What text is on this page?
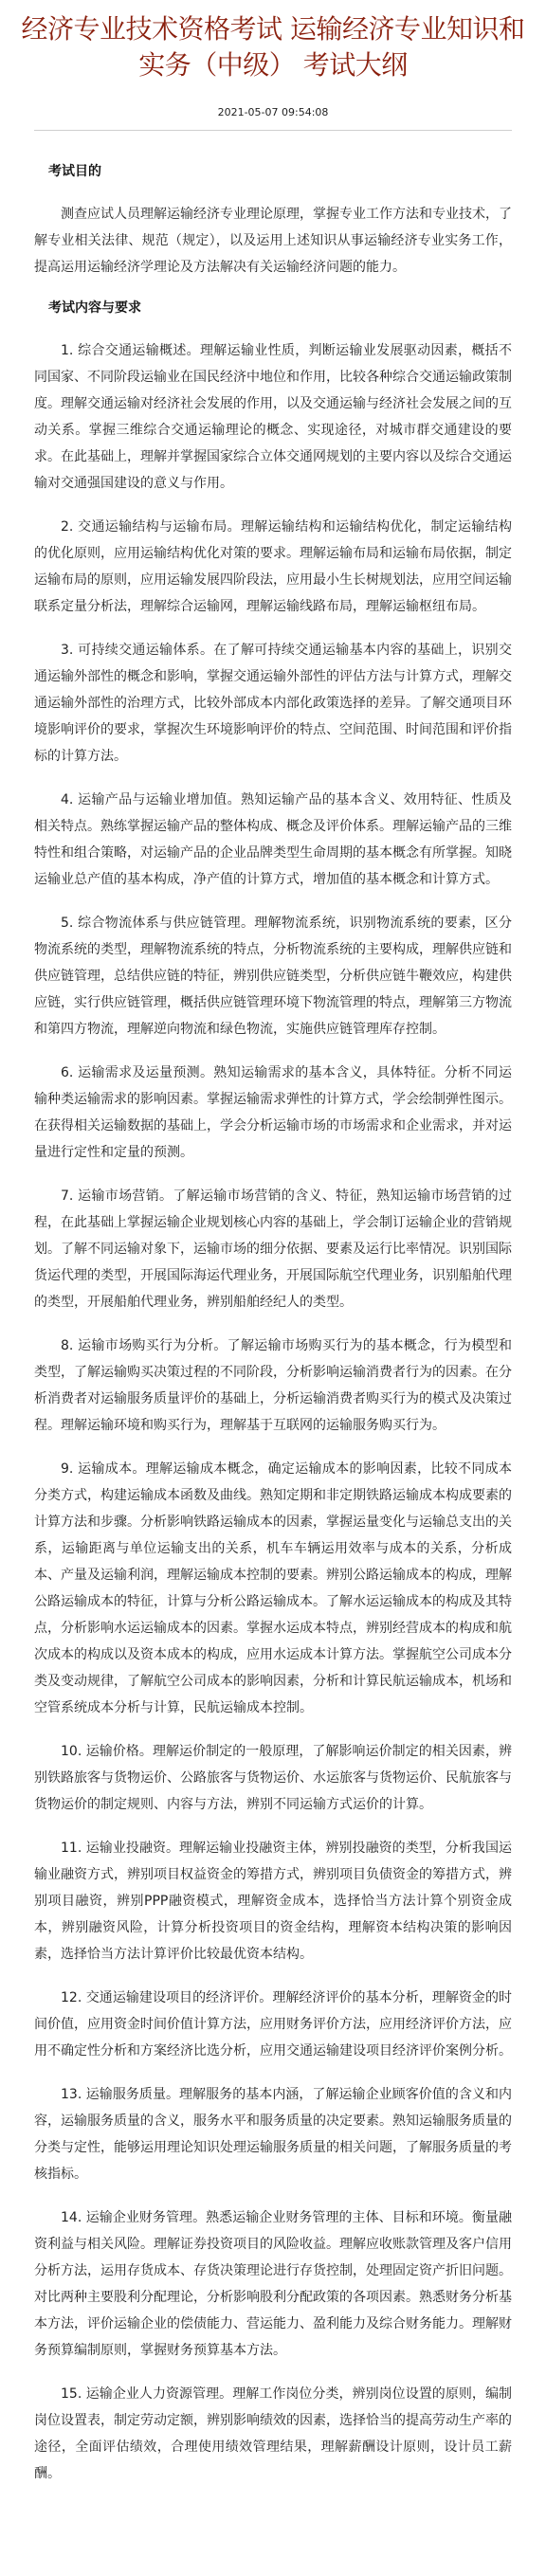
经济专业技术资格考试 运输经济专业知识和实务（中级） 考试大纲
2021-05-07 09:54:08
考试目的

测查应试人员理解运输经济专业理论原理，掌握专业工作方法和专业技术，了解专业相关法律、规范（规定），以及运用上述知识从事运输经济专业实务工作，提高运用运输经济学理论及方法解决有关运输经济问题的能力。

考试内容与要求

1. 综合交通运输概述。理解运输业性质，判断运输业发展驱动因素，概括不同国家、不同阶段运输业在国民经济中地位和作用，比较各种综合交通运输政策制度。理解交通运输对经济社会发展的作用，以及交通运输与经济社会发展之间的互动关系。掌握三维综合交通运输理论的概念、实现途径，对城市群交通建设的要求。在此基础上，理解并掌握国家综合立体交通网规划的主要内容以及综合交通运输对交通强国建设的意义与作用。

2. 交通运输结构与运输布局。理解运输结构和运输结构优化，制定运输结构的优化原则，应用运输结构优化对策的要求。理解运输布局和运输布局依据，制定运输布局的原则，应用运输发展四阶段法，应用最小生长树规划法，应用空间运输联系定量分析法，理解综合运输网，理解运输线路布局，理解运输枢纽布局。

3. 可持续交通运输体系。在了解可持续交通运输基本内容的基础上，识别交通运输外部性的概念和影响，掌握交通运输外部性的评估方法与计算方式，理解交通运输外部性的治理方式，比较外部成本内部化政策选择的差异。了解交通项目环境影响评价的要求，掌握次生环境影响评价的特点、空间范围、时间范围和评价指标的计算方法。

4. 运输产品与运输业增加值。熟知运输产品的基本含义、效用特征、性质及相关特点。熟练掌握运输产品的整体构成、概念及评价体系。理解运输产品的三维特性和组合策略，对运输产品的企业品牌类型生命周期的基本概念有所掌握。知晓运输业总产值的基本构成，净产值的计算方式，增加值的基本概念和计算方式。

5. 综合物流体系与供应链管理。理解物流系统，识别物流系统的要素，区分物流系统的类型，理解物流系统的特点，分析物流系统的主要构成，理解供应链和供应链管理，总结供应链的特征，辨别供应链类型，分析供应链牛鞭效应，构建供应链，实行供应链管理，概括供应链管理环境下物流管理的特点，理解第三方物流和第四方物流，理解逆向物流和绿色物流，实施供应链管理库存控制。

6. 运输需求及运量预测。熟知运输需求的基本含义，具体特征。分析不同运输种类运输需求的影响因素。掌握运输需求弹性的计算方式，学会绘制弹性图示。在获得相关运输数据的基础上，学会分析运输市场的市场需求和企业需求，并对运量进行定性和定量的预测。

7. 运输市场营销。了解运输市场营销的含义、特征，熟知运输市场营销的过程，在此基础上掌握运输企业规划核心内容的基础上，学会制订运输企业的营销规划。了解不同运输对象下，运输市场的细分依据、要素及运行比率情况。识别国际货运代理的类型，开展国际海运代理业务，开展国际航空代理业务，识别船舶代理的类型，开展船舶代理业务，辨别船舶经纪人的类型。

8. 运输市场购买行为分析。了解运输市场购买行为的基本概念，行为模型和类型，了解运输购买决策过程的不同阶段，分析影响运输消费者行为的因素。在分析消费者对运输服务质量评价的基础上，分析运输消费者购买行为的模式及决策过程。理解运输环境和购买行为，理解基于互联网的运输服务购买行为。

9. 运输成本。理解运输成本概念，确定运输成本的影响因素，比较不同成本分类方式，构建运输成本函数及曲线。熟知定期和非定期铁路运输成本构成要素的计算方法和步骤。分析影响铁路运输成本的因素，掌握运量变化与运输总支出的关系，运输距离与单位运输支出的关系，机车车辆运用效率与成本的关系，分析成本、产量及运输利润，理解运输成本控制的要素。辨别公路运输成本的构成，理解公路运输成本的特征，计算与分析公路运输成本。了解水运运输成本的构成及其特点，分析影响水运运输成本的因素。掌握水运成本特点，辨别经营成本的构成和航次成本的构成以及资本成本的构成，应用水运成本计算方法。掌握航空公司成本分类及变动规律，了解航空公司成本的影响因素，分析和计算民航运输成本，机场和空管系统成本分析与计算，民航运输成本控制。

10. 运输价格。理解运价制定的一般原理，了解影响运价制定的相关因素，辨别铁路旅客与货物运价、公路旅客与货物运价、水运旅客与货物运价、民航旅客与货物运价的制定规则、内容与方法，辨别不同运输方式运价的计算。

11. 运输业投融资。理解运输业投融资主体，辨别投融资的类型，分析我国运输业融资方式，辨别项目权益资金的筹措方式，辨别项目负债资金的筹措方式，辨别项目融资，辨别PPP融资模式，理解资金成本，选择恰当方法计算个别资金成本，辨别融资风险，计算分析投资项目的资金结构，理解资本结构决策的影响因素，选择恰当方法计算评价比较最优资本结构。

12. 交通运输建设项目的经济评价。理解经济评价的基本分析，理解资金的时间价值，应用资金时间价值计算方法，应用财务评价方法，应用经济评价方法，应用不确定性分析和方案经济比选分析，应用交通运输建设项目经济评价案例分析。

13. 运输服务质量。理解服务的基本内涵，了解运输企业顾客价值的含义和内容，运输服务质量的含义，服务水平和服务质量的决定要素。熟知运输服务质量的分类与定性，能够运用理论知识处理运输服务质量的相关问题，了解服务质量的考核指标。

14. 运输企业财务管理。熟悉运输企业财务管理的主体、目标和环境。衡量融资利益与相关风险。理解证券投资项目的风险收益。理解应收账款管理及客户信用分析方法，运用存货成本、存货决策理论进行存货控制，处理固定资产折旧问题。对比两种主要股利分配理论，分析影响股利分配政策的各项因素。熟悉财务分析基本方法，评价运输企业的偿债能力、营运能力、盈利能力及综合财务能力。理解财务预算编制原则，掌握财务预算基本方法。

15. 运输企业人力资源管理。理解工作岗位分类，辨别岗位设置的原则，编制岗位设置表，制定劳动定额，辨别影响绩效的因素，选择恰当的提高劳动生产率的途径，全面评估绩效，合理使用绩效管理结果，理解薪酬设计原则，设计员工薪酬。
